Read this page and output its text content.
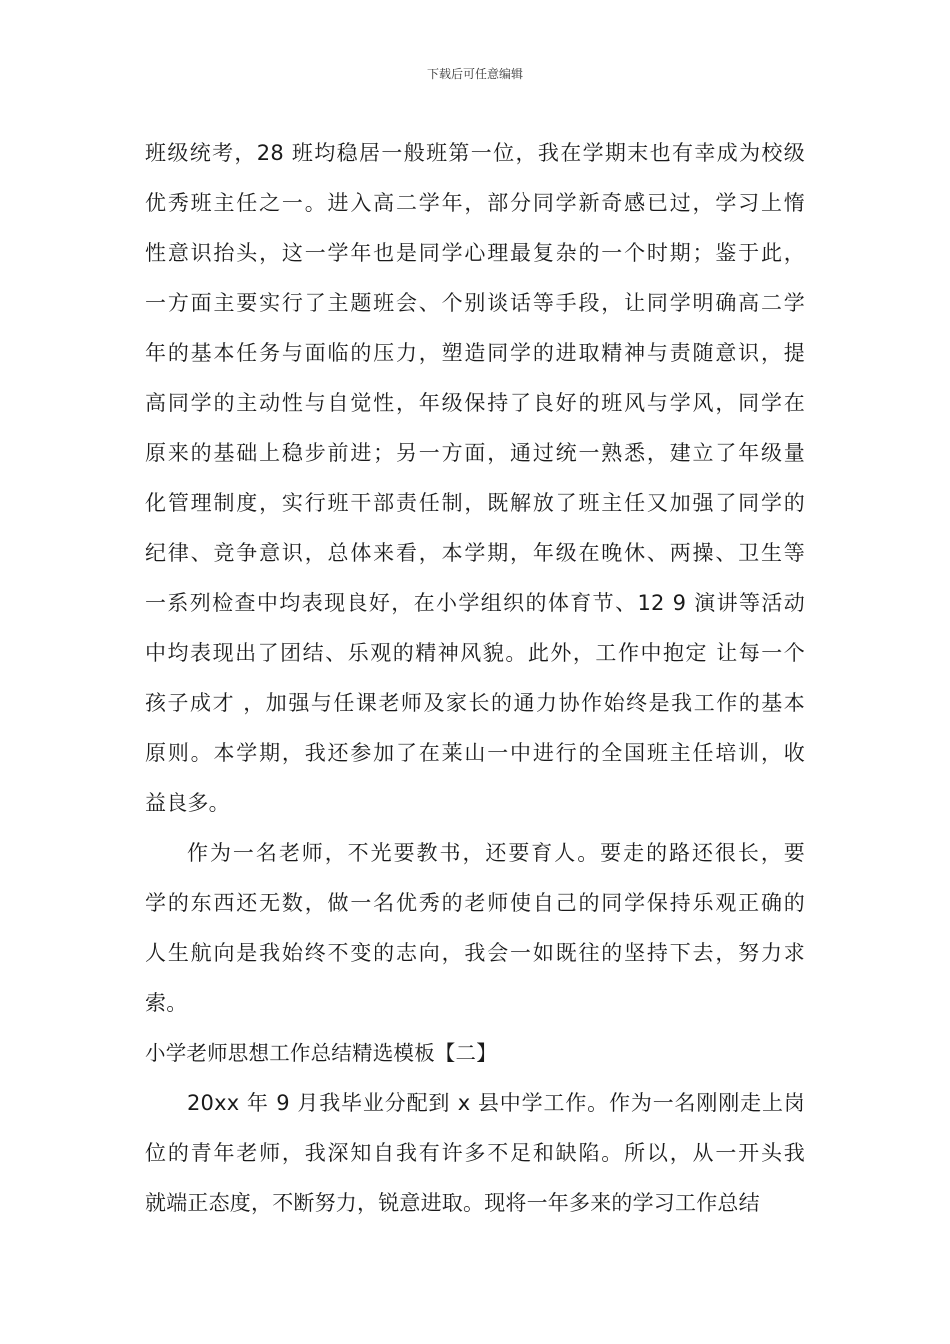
下载后可任意编辑
班级统考，28 班均稳居一般班第一位，我在学期末也有幸成为校级
优秀班主任之一。进入高二学年，部分同学新奇感已过，学习上惰
性意识抬头，这一学年也是同学心理最复杂的一个时期；鉴于此，
一方面主要实行了主题班会、个别谈话等手段，让同学明确高二学
年的基本任务与面临的压力，塑造同学的进取精神与责随意识，提
高同学的主动性与自觉性，年级保持了良好的班风与学风，同学在
原来的基础上稳步前进；另一方面，通过统一熟悉，建立了年级量
化管理制度，实行班干部责任制，既解放了班主任又加强了同学的
纪律、竞争意识，总体来看，本学期，年级在晚休、两操、卫生等
一系列检查中均表现良好，在小学组织的体育节、12 9 演讲等活动
中均表现出了团结、乐观的精神风貌。此外，工作中抱定 让每一个
孩子成才 ，加强与任课老师及家长的通力协作始终是我工作的基本
原则。本学期，我还参加了在莱山一中进行的全国班主任培训，收
益良多。
作为一名老师，不光要教书，还要育人。要走的路还很长，要
学的东西还无数，做一名优秀的老师使自己的同学保持乐观正确的
人生航向是我始终不变的志向，我会一如既往的坚持下去，努力求
索。
小学老师思想工作总结精选模板【二】
20xx 年 9 月我毕业分配到 x 县中学工作。作为一名刚刚走上岗
位的青年老师，我深知自我有许多不足和缺陷。所以，从一开头我
就端正态度，不断努力，锐意进取。现将一年多来的学习工作总结
